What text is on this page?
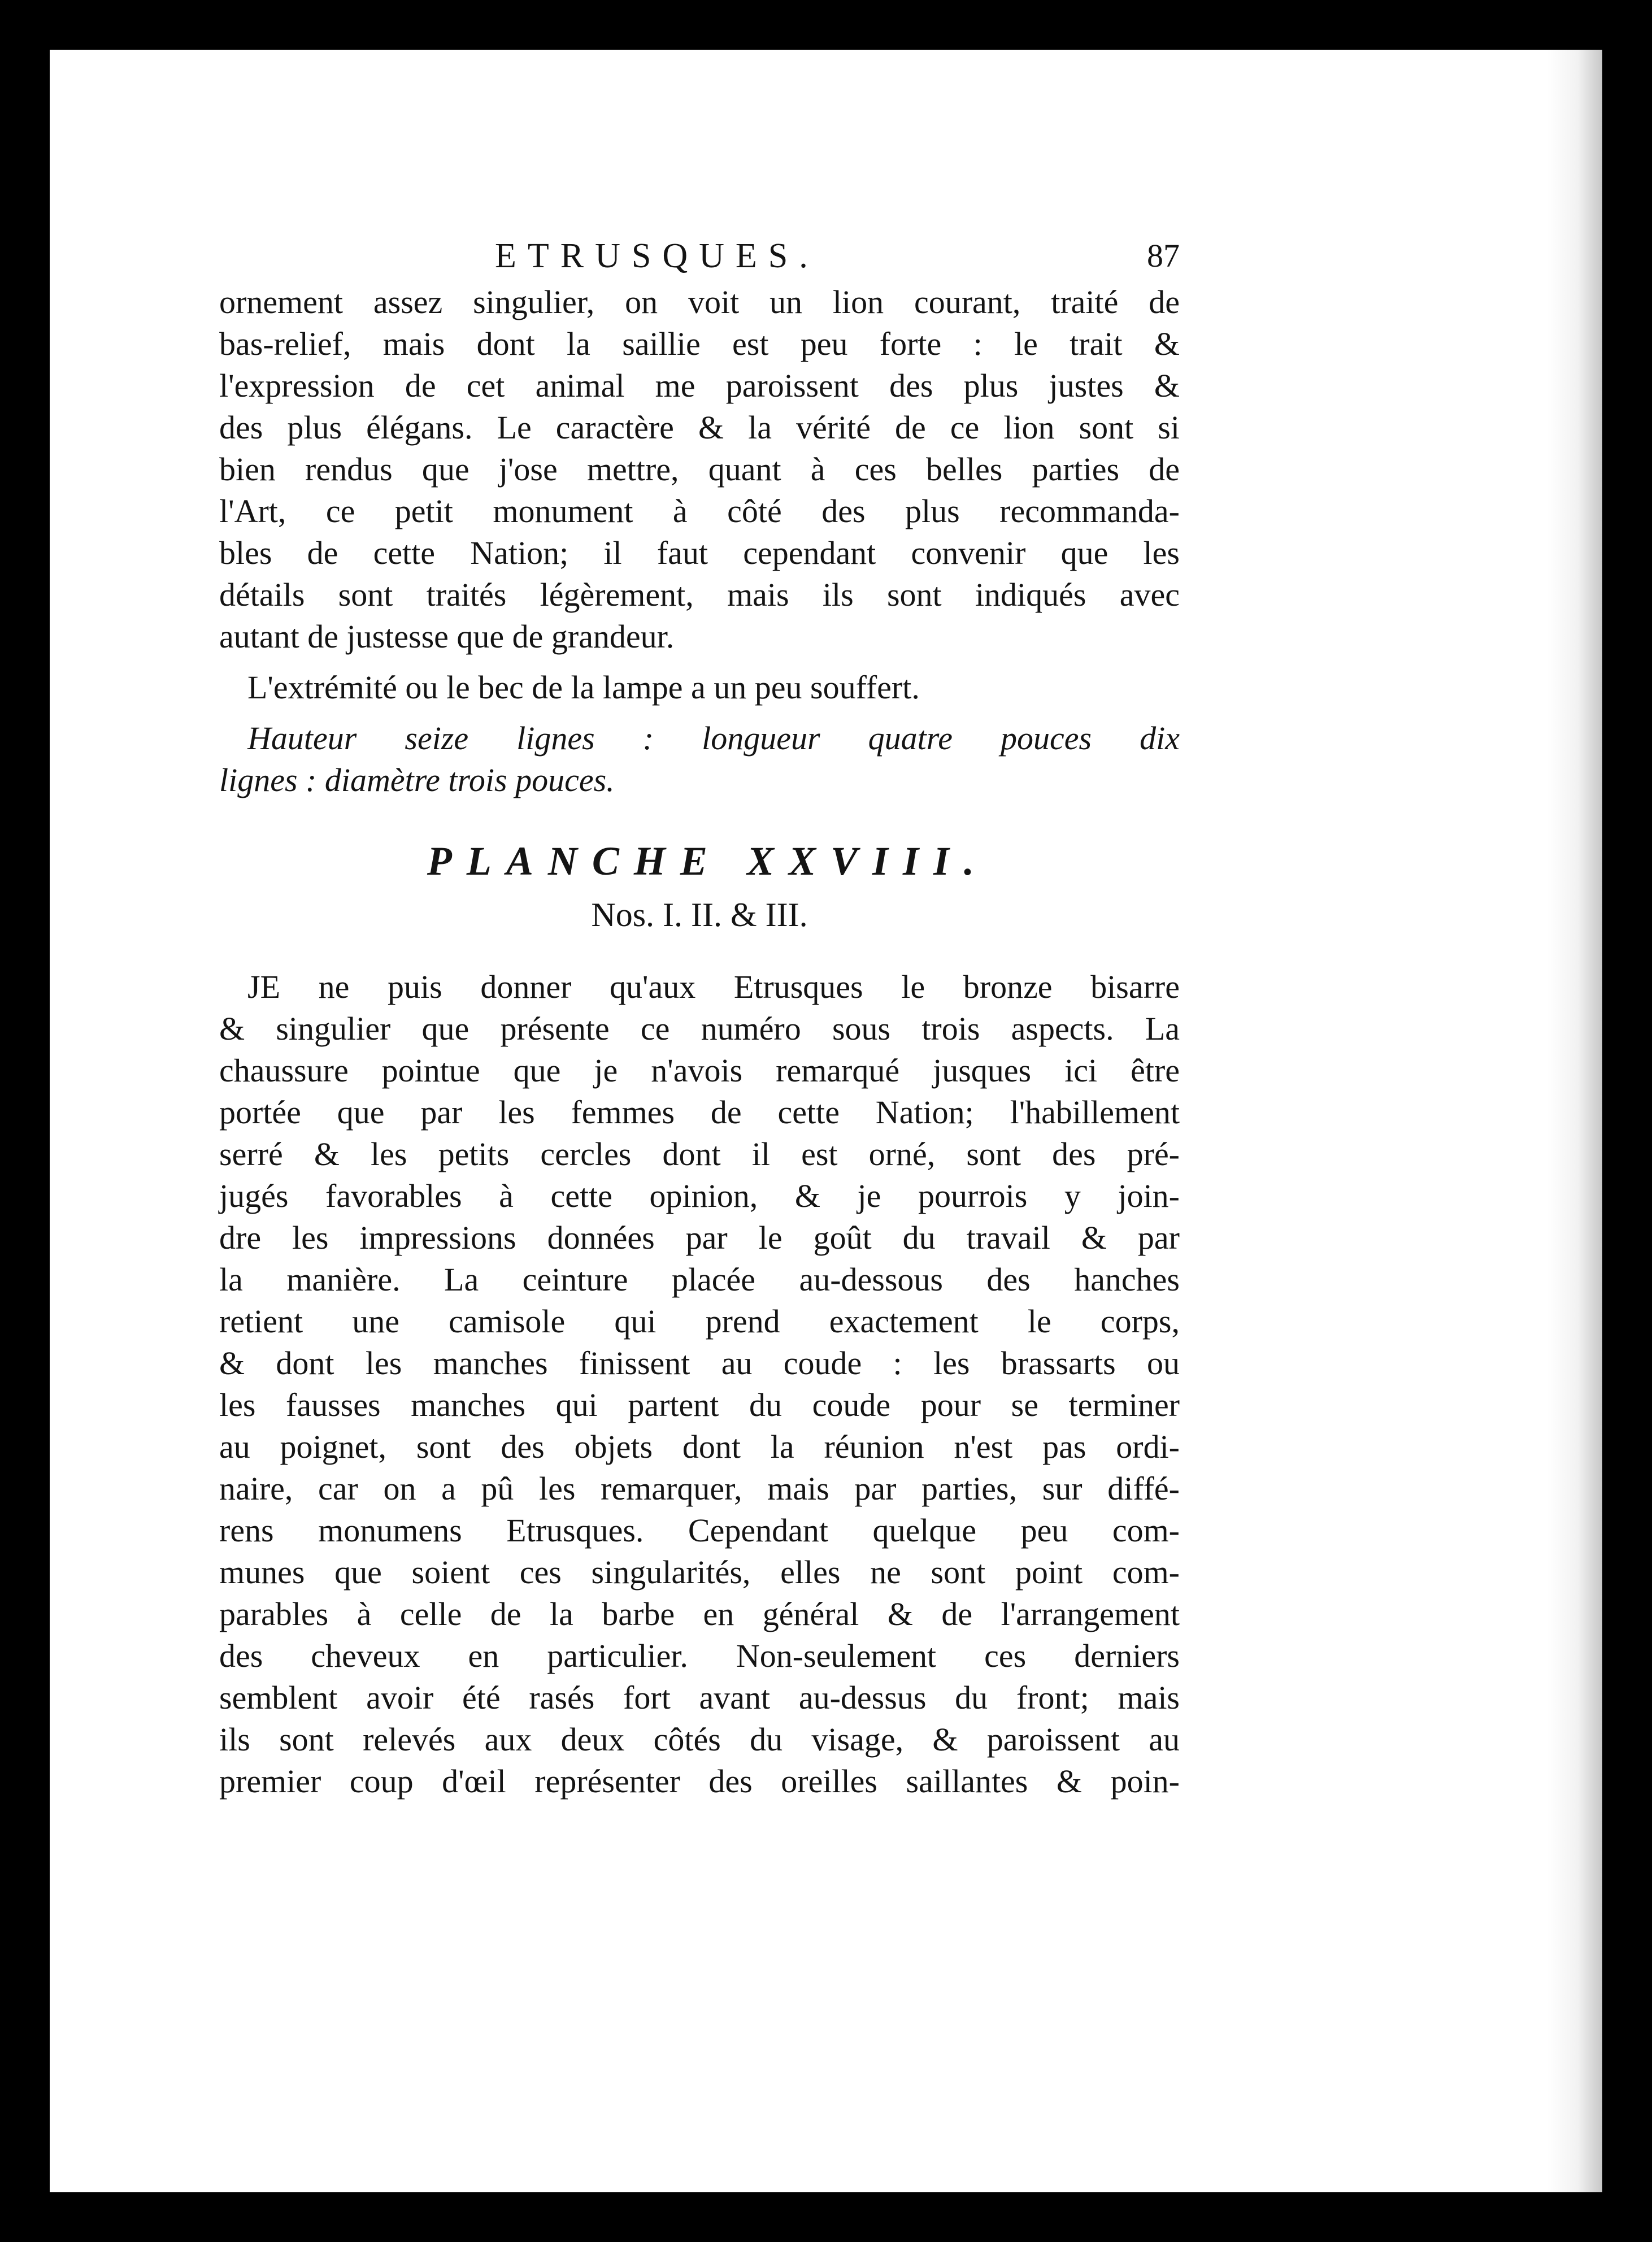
ETRUSQUES.	87
ornement assez singulier, on voit un lion courant, traité de
bas-relief, mais dont la saillie est peu forte : le trait &
l'expression de cet animal me paroissent des plus justes &
des plus élégans. Le caractère & la vérité de ce lion sont si
bien rendus que j'ose mettre, quant à ces belles parties de
l'Art, ce petit monument à côté des plus recommanda-
bles de cette Nation; il faut cependant convenir que les
détails sont traités légèrement, mais ils sont indiqués avec
autant de justesse que de grandeur.
L'extrémité ou le bec de la lampe a un peu souffert.
Hauteur seize lignes : longueur quatre pouces dix
lignes : diamètre trois pouces.
PLANCHE XXVIII.
Nos. I. II. & III.
JE ne puis donner qu'aux Etrusques le bronze bisarre
& singulier que présente ce numéro sous trois aspects. La
chaussure pointue que je n'avois remarqué jusques ici être
portée que par les femmes de cette Nation; l'habillement
serré & les petits cercles dont il est orné, sont des pré-
jugés favorables à cette opinion, & je pourrois y join-
dre les impressions données par le goût du travail & par
la manière. La ceinture placée au-dessous des hanches
retient une camisole qui prend exactement le corps,
& dont les manches finissent au coude : les brassarts ou
les fausses manches qui partent du coude pour se terminer
au poignet, sont des objets dont la réunion n'est pas ordi-
naire, car on a pû les remarquer, mais par parties, sur diffé-
rens monumens Etrusques. Cependant quelque peu com-
munes que soient ces singularités, elles ne sont point com-
parables à celle de la barbe en général & de l'arrangement
des cheveux en particulier. Non-seulement ces derniers
semblent avoir été rasés fort avant au-dessus du front; mais
ils sont relevés aux deux côtés du visage, & paroissent au
premier coup d'œil représenter des oreilles saillantes & poin-
